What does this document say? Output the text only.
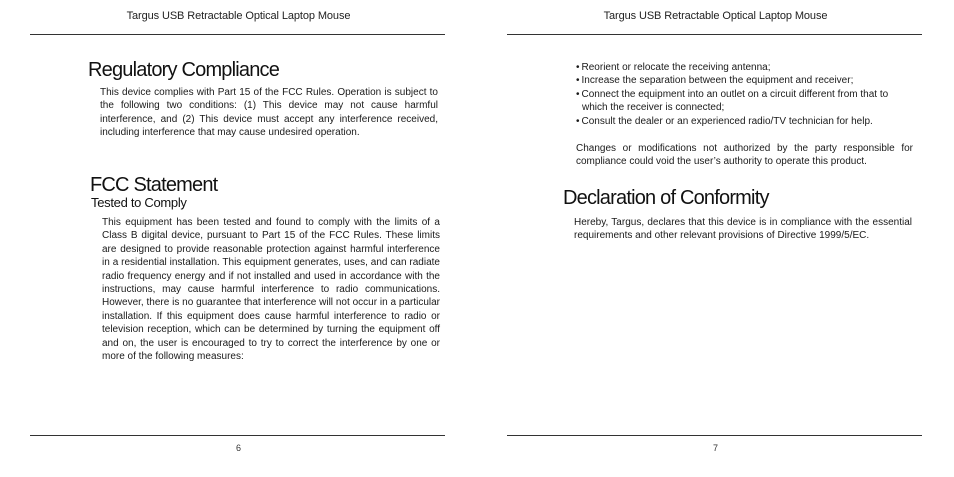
Targus USB Retractable Optical Laptop Mouse
Regulatory Compliance

This device complies with Part 15 of the FCC Rules. Operation is subject to the following two conditions: (1) This device may not cause harmful interference, and (2) This device must accept any interference received, including interference that may cause undesired operation.

FCC Statement
Tested to Comply

This equipment has been tested and found to comply with the limits of a Class B digital device, pursuant to Part 15 of the FCC Rules. These limits are designed to provide reasonable protection against harmful interference in a residential installation. This equipment generates, uses, and can radiate radio frequency energy and if not installed and used in accordance with the instructions, may cause harmful interference to radio communications. However, there is no guarantee that interference will not occur in a particular installation. If this equipment does cause harmful interference to radio or television reception, which can be determined by turning the equipment off and on, the user is encouraged to try to correct the interference by one or more of the following measures:

6
Targus USB Retractable Optical Laptop Mouse
• Reorient or relocate the receiving antenna;
• Increase the separation between the equipment and receiver;
• Connect the equipment into an outlet on a circuit different from that to which the receiver is connected;
• Consult the dealer or an experienced radio/TV technician for help.

Changes or modifications not authorized by the party responsible for compliance could void the user’s authority to operate this product.

Declaration of Conformity

Hereby, Targus, declares that this device is in compliance with the essential requirements and other relevant provisions of Directive 1999/5/EC.

7
